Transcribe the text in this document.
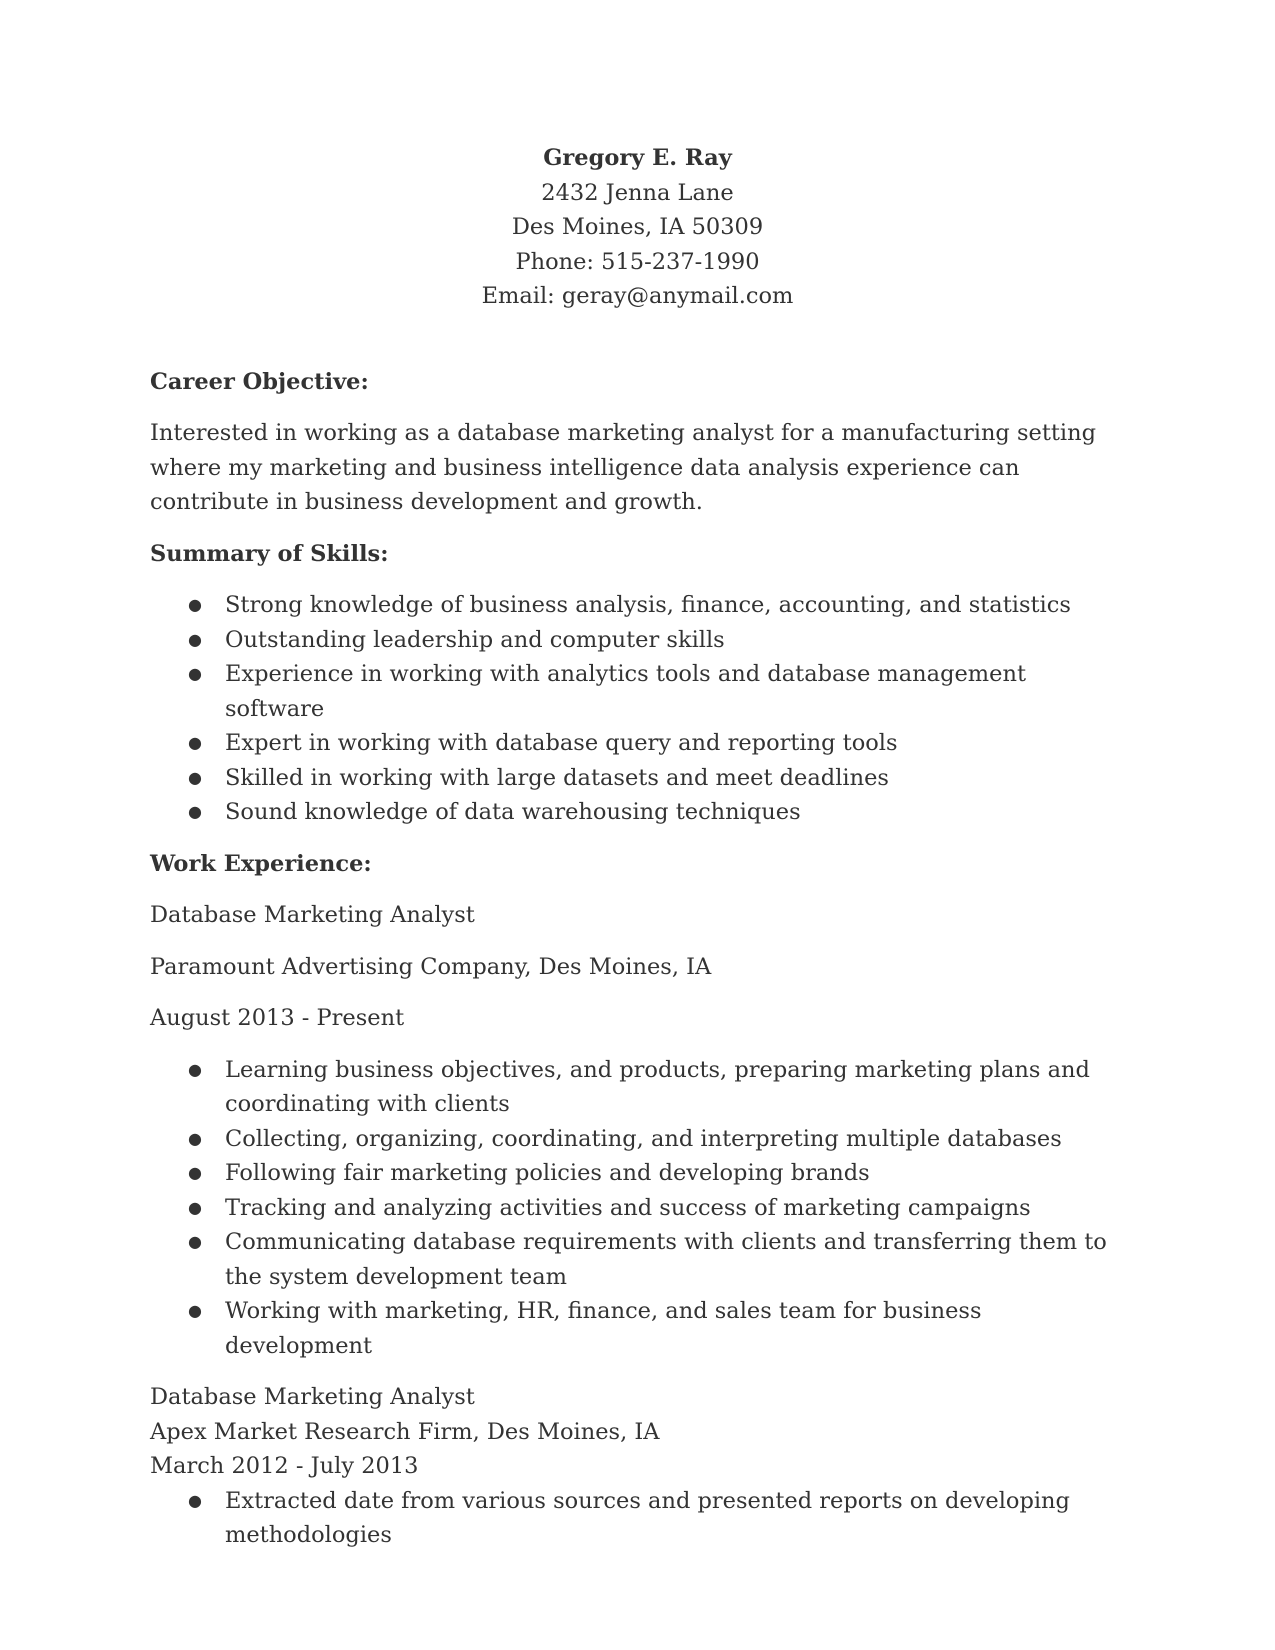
Gregory E. Ray
2432 Jenna Lane
Des Moines, IA 50309
Phone: 515-237-1990
Email: geray@anymail.com
Career Objective:
Interested in working as a database marketing analyst for a manufacturing setting where my marketing and business intelligence data analysis experience can contribute in business development and growth.
Summary of Skills:
● Strong knowledge of business analysis, finance, accounting, and statistics
● Outstanding leadership and computer skills
● Experience in working with analytics tools and database management software
● Expert in working with database query and reporting tools
● Skilled in working with large datasets and meet deadlines
● Sound knowledge of data warehousing techniques
Work Experience:
Database Marketing Analyst
Paramount Advertising Company, Des Moines, IA
August 2013 - Present
● Learning business objectives, and products, preparing marketing plans and coordinating with clients
● Collecting, organizing, coordinating, and interpreting multiple databases
● Following fair marketing policies and developing brands
● Tracking and analyzing activities and success of marketing campaigns
● Communicating database requirements with clients and transferring them to the system development team
● Working with marketing, HR, finance, and sales team for business development
Database Marketing Analyst
Apex Market Research Firm, Des Moines, IA
March 2012 - July 2013
● Extracted date from various sources and presented reports on developing methodologies
